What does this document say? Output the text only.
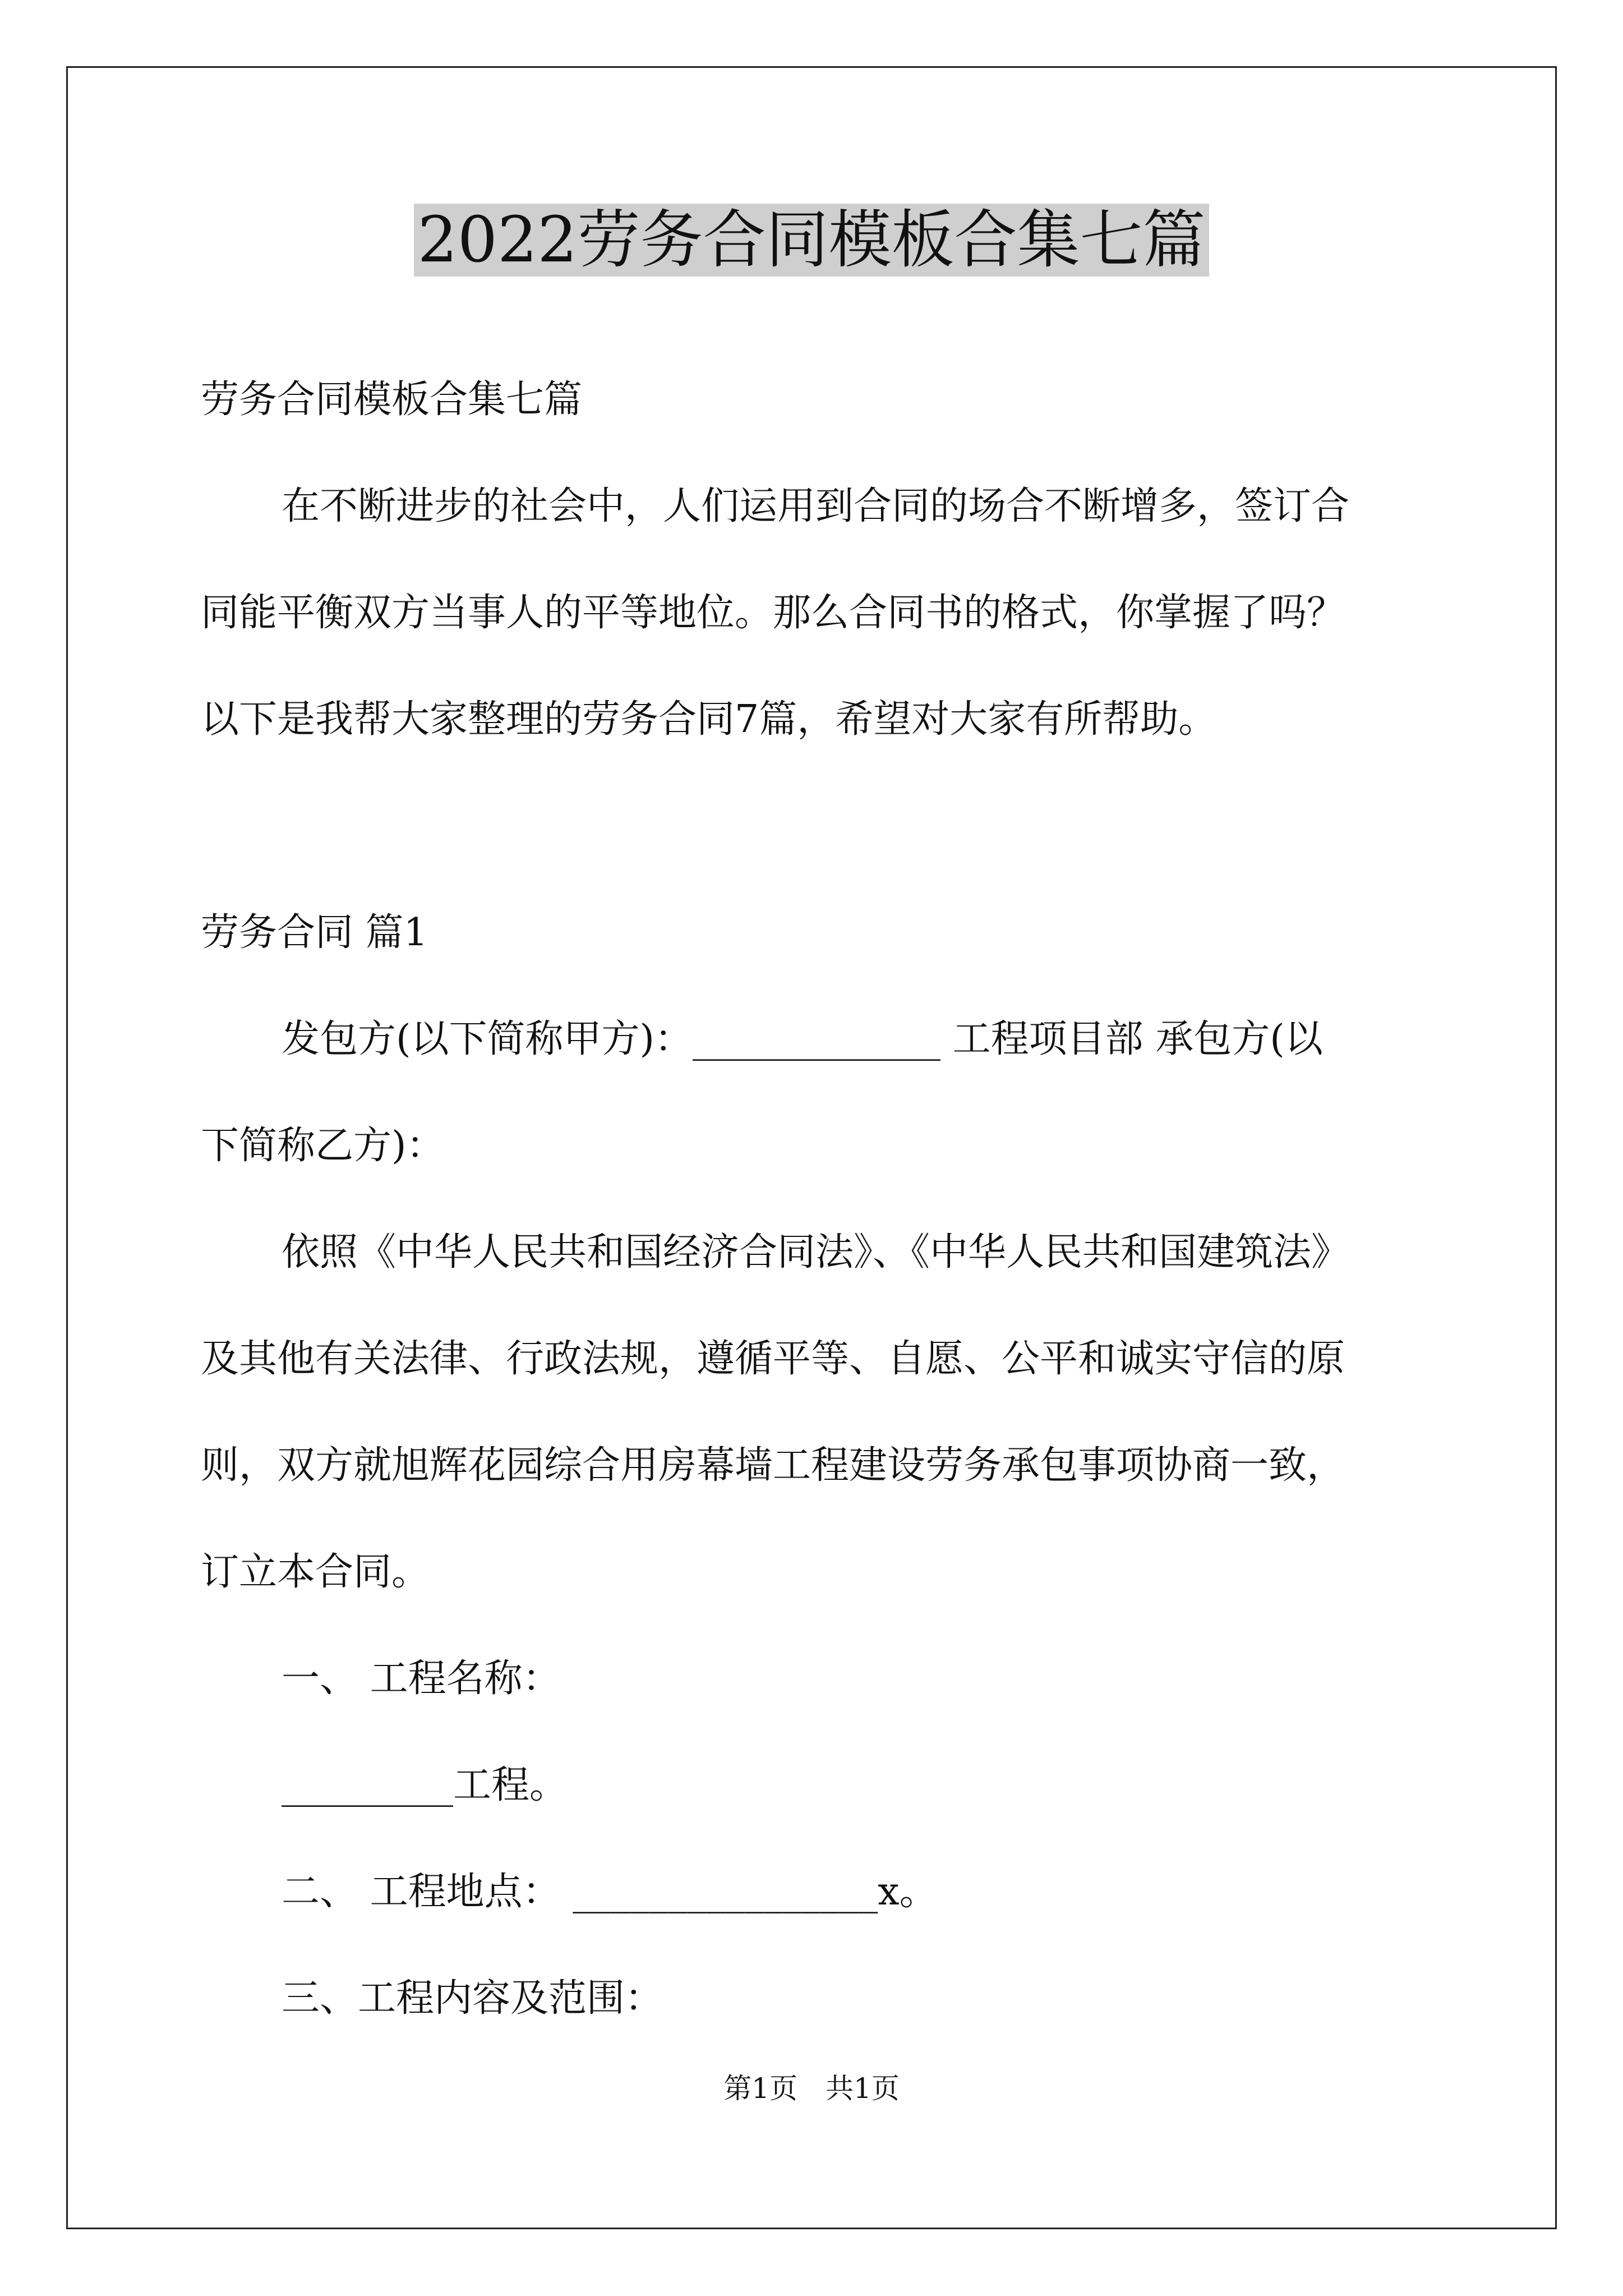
2022劳务合同模板合集七篇

劳务合同模板合集七篇

在不断进步的社会中，人们运用到合同的场合不断增多，签订合

同能平衡双方当事人的平等地位。那么合同书的格式，你掌握了吗？

以下是我帮大家整理的劳务合同7篇，希望对大家有所帮助。

劳务合同 篇1

发包方(以下简称甲方)：_____________ 工程项目部 承包方(以

下简称乙方)：

依照《中华人民共和国经济合同法》、《中华人民共和国建筑法》

及其他有关法律、行政法规，遵循平等、自愿、公平和诚实守信的原

则，双方就旭辉花园综合用房幕墙工程建设劳务承包事项协商一致，

订立本合同。

一、 工程名称：

_________工程。

二、 工程地点： ________________x。

三、工程内容及范围：

第1页 共1页
